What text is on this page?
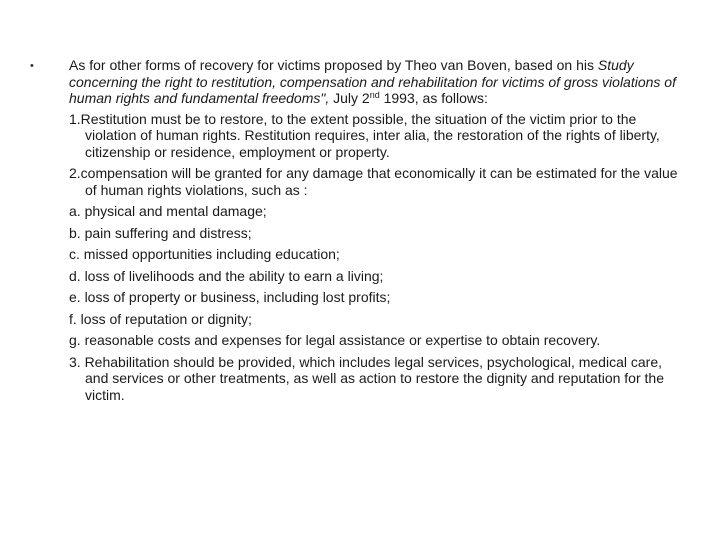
•	As for other forms of recovery for victims proposed by Theo van Boven, based on his Study concerning the right to restitution, compensation and rehabilitation for victims of gross violations of human rights and fundamental freedoms", July 2nd 1993, as follows:

1.Restitution must be to restore, to the extent possible, the situation of the victim prior to the violation of human rights. Restitution requires, inter alia, the restoration of the rights of liberty, citizenship or residence, employment or property.

2.compensation will be granted for any damage that economically it can be estimated for the value of human rights violations, such as :

a. physical and mental damage;

b. pain suffering and distress;

c. missed opportunities including education;

d. loss of livelihoods and the ability to earn a living;

e. loss of property or business, including lost profits;

f. loss of reputation or dignity;

g. reasonable costs and expenses for legal assistance or expertise to obtain recovery.

3. Rehabilitation should be provided, which includes legal services, psychological, medical care, and services or other treatments, as well as action to restore the dignity and reputation for the victim.
